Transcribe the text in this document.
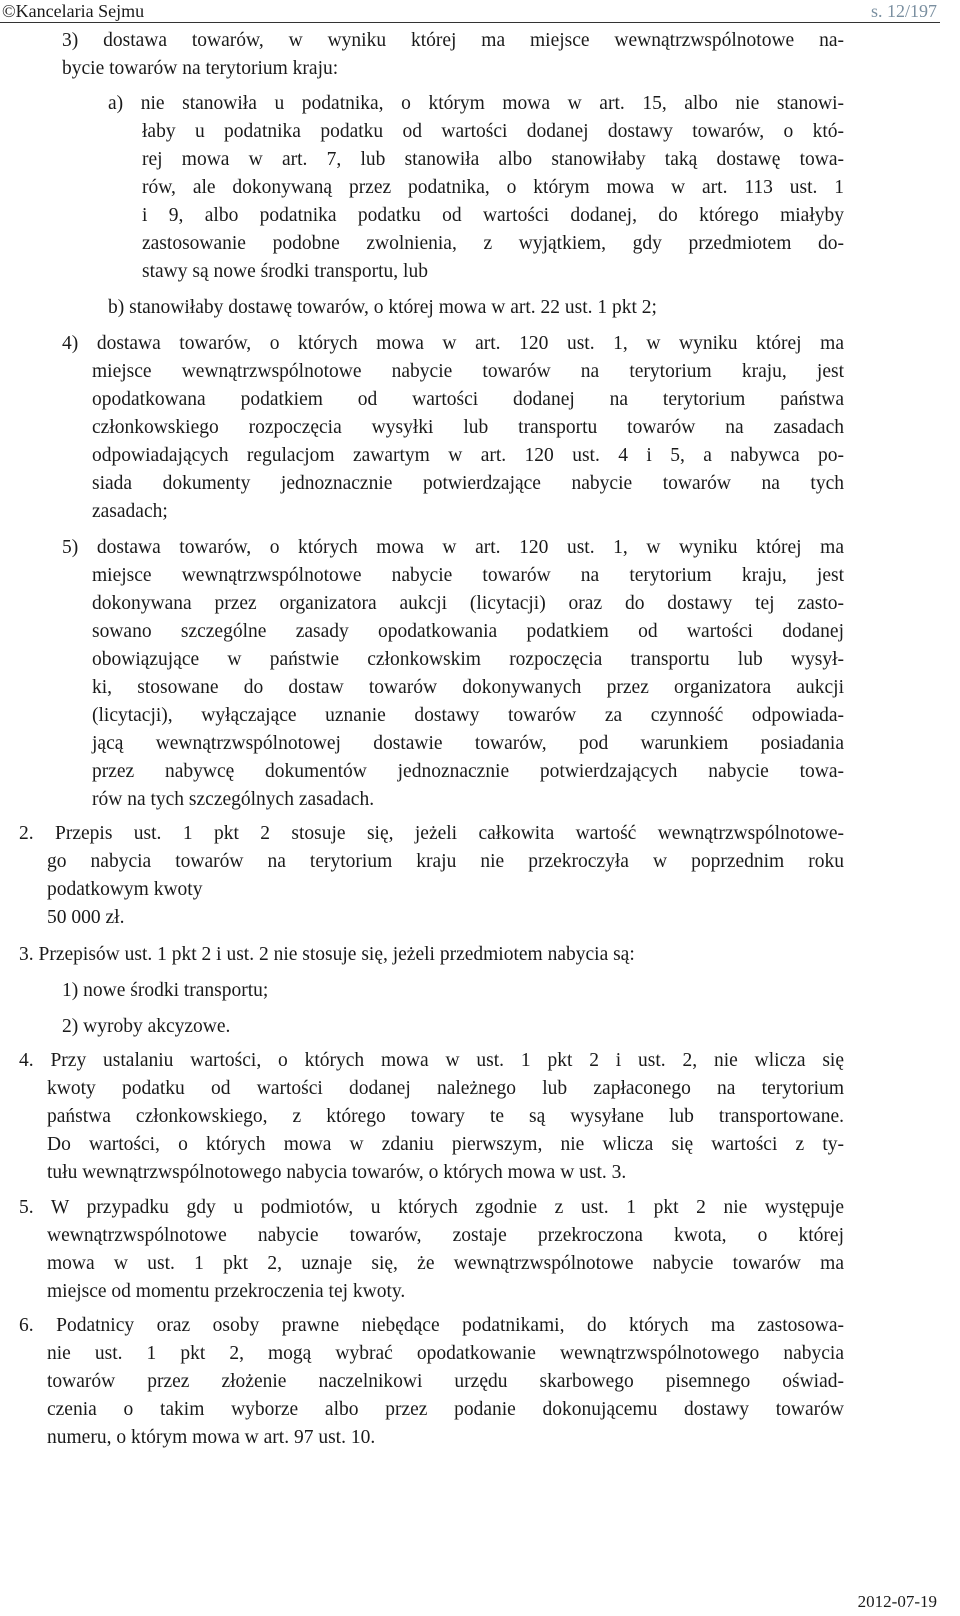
©Kancelaria Sejmu	s. 12/197
3) dostawa towarów, w wyniku której ma miejsce wewnątrzwspólnotowe na-
bycie towarów na terytorium kraju:
a) nie stanowiła u podatnika, o którym mowa w art. 15, albo nie stanowi-
łaby u podatnika podatku od wartości dodanej dostawy towarów, o któ-
rej mowa w art. 7, lub stanowiła albo stanowiłaby taką dostawę towa-
rów, ale dokonywaną przez podatnika, o którym mowa w art. 113 ust. 1
i 9, albo podatnika podatku od wartości dodanej, do którego miałyby
zastosowanie podobne zwolnienia, z wyjątkiem, gdy przedmiotem do-
stawy są nowe środki transportu, lub
b) stanowiłaby dostawę towarów, o której mowa w art. 22 ust. 1 pkt 2;
4) dostawa towarów, o których mowa w art. 120 ust. 1, w wyniku której ma
miejsce wewnątrzwspólnotowe nabycie towarów na terytorium kraju, jest
opodatkowana podatkiem od wartości dodanej na terytorium państwa
członkowskiego rozpoczęcia wysyłki lub transportu towarów na zasadach
odpowiadających regulacjom zawartym w art. 120 ust. 4 i 5, a nabywca po-
siada dokumenty jednoznacznie potwierdzające nabycie towarów na tych
zasadach;
5) dostawa towarów, o których mowa w art. 120 ust. 1, w wyniku której ma
miejsce wewnątrzwspólnotowe nabycie towarów na terytorium kraju, jest
dokonywana przez organizatora aukcji (licytacji) oraz do dostawy tej zasto-
sowano szczególne zasady opodatkowania podatkiem od wartości dodanej
obowiązujące w państwie członkowskim rozpoczęcia transportu lub wysył-
ki, stosowane do dostaw towarów dokonywanych przez organizatora aukcji
(licytacji), wyłączające uznanie dostawy towarów za czynność odpowiada-
jącą wewnątrzwspólnotowej dostawie towarów, pod warunkiem posiadania
przez nabywcę dokumentów jednoznacznie potwierdzających nabycie towa-
rów na tych szczególnych zasadach.
2. Przepis ust. 1 pkt 2 stosuje się, jeżeli całkowita wartość wewnątrzwspólnotowe-
go nabycia towarów na terytorium kraju nie przekroczyła w poprzednim roku
podatkowym kwoty
50 000 zł.
3. Przepisów ust. 1 pkt 2 i ust. 2 nie stosuje się, jeżeli przedmiotem nabycia są:
1) nowe środki transportu;
2) wyroby akcyzowe.
4. Przy ustalaniu wartości, o których mowa w ust. 1 pkt 2 i ust. 2, nie wlicza się
kwoty podatku od wartości dodanej należnego lub zapłaconego na terytorium
państwa członkowskiego, z którego towary te są wysyłane lub transportowane.
Do wartości, o których mowa w zdaniu pierwszym, nie wlicza się wartości z ty-
tułu wewnątrzwspólnotowego nabycia towarów, o których mowa w ust. 3.
5. W przypadku gdy u podmiotów, u których zgodnie z ust. 1 pkt 2 nie występuje
wewnątrzwspólnotowe nabycie towarów, zostaje przekroczona kwota, o której
mowa w ust. 1 pkt 2, uznaje się, że wewnątrzwspólnotowe nabycie towarów ma
miejsce od momentu przekroczenia tej kwoty.
6. Podatnicy oraz osoby prawne niebędące podatnikami, do których ma zastosowa-
nie ust. 1 pkt 2, mogą wybrać opodatkowanie wewnątrzwspólnotowego nabycia
towarów przez złożenie naczelnikowi urzędu skarbowego pisemnego oświad-
czenia o takim wyborze albo przez podanie dokonującemu dostawy towarów
numeru, o którym mowa w art. 97 ust. 10.
2012-07-19
